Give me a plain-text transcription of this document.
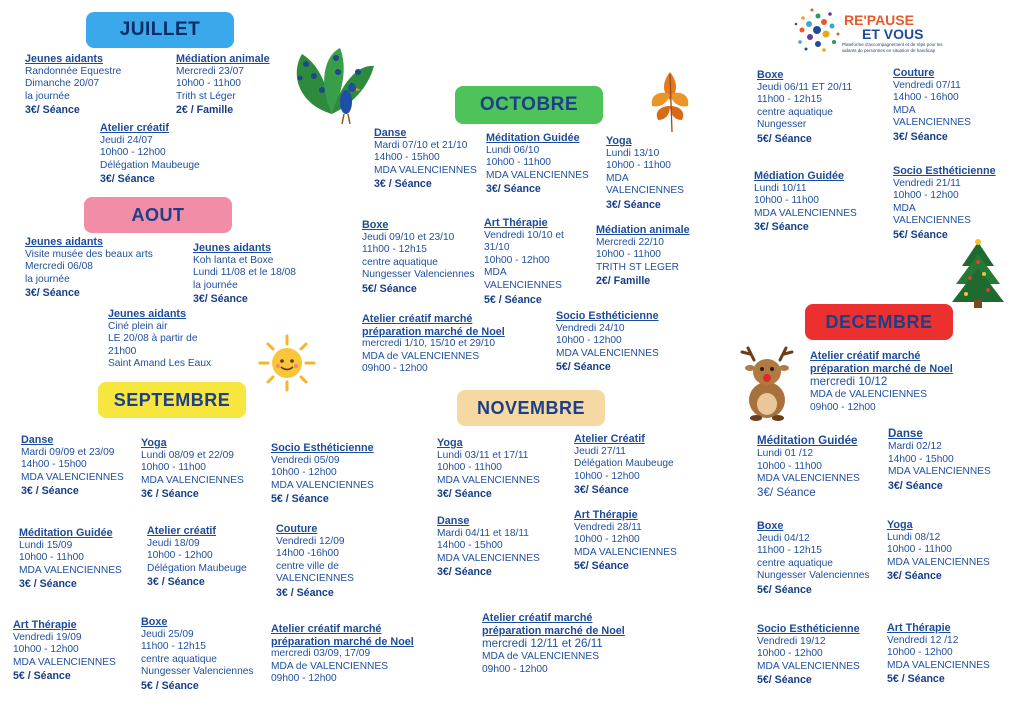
RE'PAUSE
ET VOUS
Plateforme d'accompagnement et de répit pour les aidants de personnes en situation de handicap
JUILLET
AOUT
SEPTEMBRE
OCTOBRE
NOVEMBRE
DECEMBRE
Jeunes aidants
Randonnée Equestre
Dimanche 20/07
la journée
3€/ Séance
Médiation animale
Mercredi 23/07
10h00 - 11h00
Trith st Léger
2€ / Famille
Atelier créatif
Jeudi 24/07
10h00 - 12h00
Délégation Maubeuge
3€/ Séance
Jeunes aidants
Visite musée des beaux arts
Mercredi 06/08
la journée
3€/ Séance
Jeunes aidants
Koh lanta et Boxe
Lundi 11/08 et le 18/08
la journée
3€/ Séance
Jeunes aidants
Ciné plein air
LE 20/08 à partir de
21h00
Saint Amand Les Eaux
Danse
Mardi 07/10 et 21/10
14h00 - 15h00
MDA VALENCIENNES
3€ / Séance
Méditation Guidée
Lundi 06/10
10h00 - 11h00
MDA VALENCIENNES
3€/ Séance
Yoga
Lundi 13/10
10h00 - 11h00
MDA
VALENCIENNES
3€/ Séance
Boxe
Jeudi 09/10 et 23/10
11h00 - 12h15
centre aquatique
Nungesser Valenciennes
5€/ Séance
Art Thérapie
Vendredi 10/10 et
31/10
10h00 - 12h00
MDA
VALENCIENNES
5€ / Séance
Médiation animale
Mercredi 22/10
10h00 - 11h00
TRITH ST LEGER
2€/ Famille
Atelier créatif marché
préparation marché de Noel
mercredi 1/10, 15/10 et 29/10
MDA de VALENCIENNES
09h00 - 12h00
Socio Esthéticienne
Vendredi 24/10
10h00 - 12h00
MDA VALENCIENNES
5€/ Séance
Danse
Mardi 09/09 et 23/09
14h00 - 15h00
MDA VALENCIENNES
3€ / Séance
Yoga
Lundi 08/09 et 22/09
10h00 - 11h00
MDA VALENCIENNES
3€ / Séance
Socio Esthéticienne
Vendredi 05/09
10h00 - 12h00
MDA VALENCIENNES
5€ / Séance
Méditation Guidée
Lundi 15/09
10h00 - 11h00
MDA VALENCIENNES
3€ / Séance
Atelier créatif
Jeudi 18/09
10h00 - 12h00
Délégation Maubeuge
3€ / Séance
Couture
Vendredi 12/09
14h00 -16h00
centre ville de
VALENCIENNES
3€ / Séance
Art Thérapie
Vendredi 19/09
10h00 - 12h00
MDA VALENCIENNES
5€ / Séance
Boxe
Jeudi 25/09
11h00 - 12h15
centre aquatique
Nungesser Valenciennes
5€ / Séance
Atelier créatif marché
préparation marché de Noel
mercredi 03/09, 17/09
MDA de VALENCIENNES
09h00 - 12h00
Yoga
Lundi 03/11 et 17/11
10h00 - 11h00
MDA VALENCIENNES
3€/ Séance
Atelier Créatif
Jeudi 27/11
Délégation Maubeuge
10h00 - 12h00
3€/ Séance
Danse
Mardi 04/11 et 18/11
14h00 - 15h00
MDA VALENCIENNES
3€/ Séance
Art Thérapie
Vendredi 28/11
10h00 - 12h00
MDA VALENCIENNES
5€/ Séance
Atelier créatif marché
préparation marché de Noel
mercredi 12/11 et 26/11
MDA de VALENCIENNES
09h00 - 12h00
Boxe
Jeudi 06/11 ET 20/11
11h00 - 12h15
centre aquatique
Nungesser
5€/ Séance
Couture
Vendredi 07/11
14h00 - 16h00
MDA
VALENCIENNES
3€/ Séance
Médiation Guidée
Lundi 10/11
10h00 - 11h00
MDA VALENCIENNES
3€/ Séance
Socio Esthéticienne
Vendredi 21/11
10h00 - 12h00
MDA
VALENCIENNES
5€/ Séance
Atelier créatif marché
préparation marché de Noel
mercredi 10/12
MDA de VALENCIENNES
09h00 - 12h00
Méditation Guidée
Lundi 01 /12
10h00 - 11h00
MDA VALENCIENNES
3€/ Séance
Danse
Mardi 02/12
14h00 - 15h00
MDA VALENCIENNES
3€/ Séance
Boxe
Jeudi 04/12
11h00 - 12h15
centre aquatique
Nungesser Valenciennes
5€/ Séance
Yoga
Lundi 08/12
10h00 - 11h00
MDA VALENCIENNES
3€/ Séance
Socio Esthéticienne
Vendredi 19/12
10h00 - 12h00
MDA VALENCIENNES
5€/ Séance
Art Thérapie
Vendredi 12 /12
10h00 - 12h00
MDA VALENCIENNES
5€ / Séance
